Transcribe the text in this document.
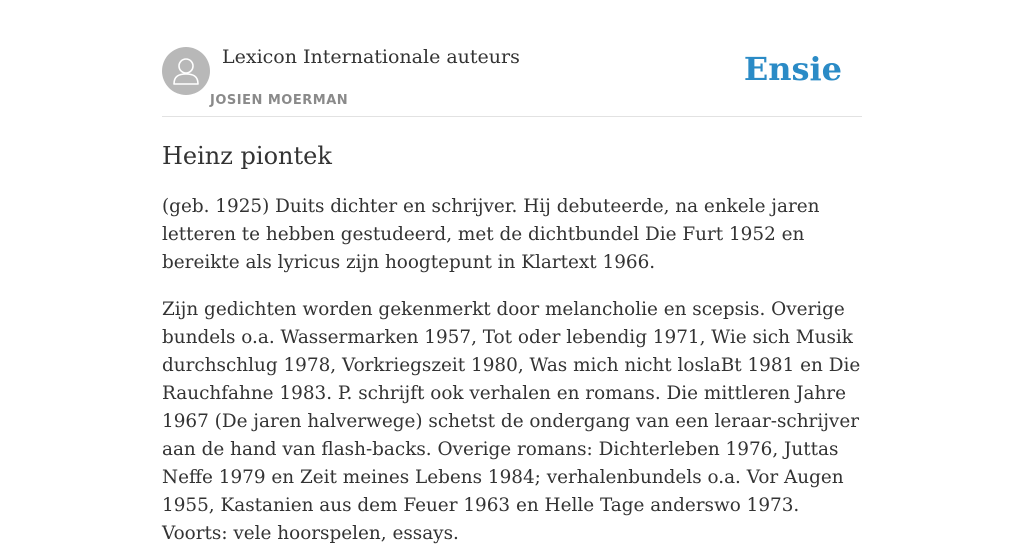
Lexicon Internationale auteurs
JOSIEN MOERMAN
Ensie
Heinz piontek

(geb. 1925) Duits dichter en schrijver. Hij debuteerde, na enkele jaren letteren te hebben gestudeerd, met de dichtbundel Die Furt 1952 en bereikte als lyricus zijn hoogtepunt in Klartext 1966.

Zijn gedichten worden gekenmerkt door melancholie en scepsis. Overige bundels o.a. Wassermarken 1957, Tot oder lebendig 1971, Wie sich Musik durchschlug 1978, Vorkriegszeit 1980, Was mich nicht loslaBt 1981 en Die Rauchfahne 1983. P. schrijft ook verhalen en romans. Die mittleren Jahre 1967 (De jaren halverwege) schetst de ondergang van een leraar-schrijver aan de hand van flash-backs. Overige romans: Dichterleben 1976, Juttas Neffe 1979 en Zeit meines Lebens 1984; verhalenbundels o.a. Vor Augen 1955, Kastanien aus dem Feuer 1963 en Helle Tage anderswo 1973. Voorts: vele hoorspelen, essays.
